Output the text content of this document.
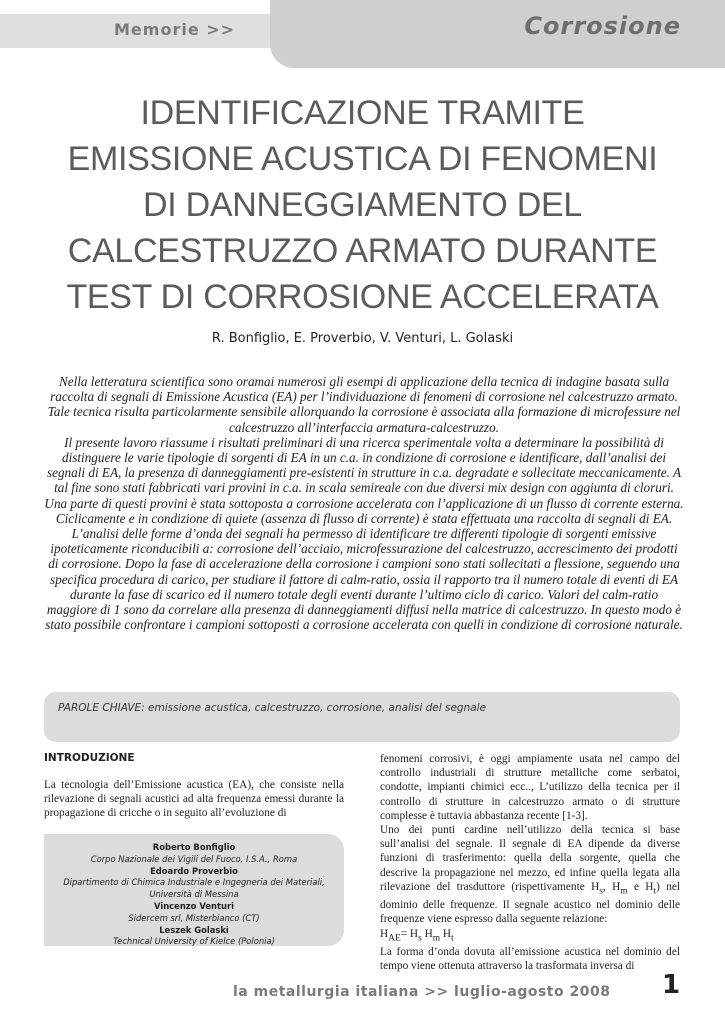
Memorie >>	Corrosione
IDENTIFICAZIONE TRAMITE
EMISSIONE ACUSTICA DI FENOMENI
DI DANNEGGIAMENTO DEL
CALCESTRUZZO ARMATO DURANTE
TEST DI CORROSIONE ACCELERATA
R. Bonfiglio, E. Proverbio, V. Venturi, L. Golaski

Nella letteratura scientifica sono oramai numerosi gli esempi di applicazione della tecnica di indagine basata sulla raccolta di segnali di Emissione Acustica (EA) per l’individuazione di fenomeni di corrosione nel calcestruzzo armato. Tale tecnica risulta particolarmente sensibile allorquando la corrosione è associata alla formazione di microfessure nel calcestruzzo all’interfaccia armatura-calcestruzzo.

Il presente lavoro riassume i risultati preliminari di una ricerca sperimentale volta a determinare la possibilità di distinguere le varie tipologie di sorgenti di EA in un c.a. in condizione di corrosione e identificare, dall’analisi dei segnali di EA, la presenza di danneggiamenti pre-esistenti in strutture in c.a. degradate e sollecitate meccanicamente. A tal fine sono stati fabbricati vari provini in c.a. in scala semireale con due diversi mix design con aggiunta di cloruri. Una parte di questi provini è stata sottoposta a corrosione accelerata con l’applicazione di un flusso di corrente esterna. Ciclicamente e in condizione di quiete (assenza di flusso di corrente) è stata effettuata una raccolta di segnali di EA. L’analisi delle forme d’onda dei segnali ha permesso di identificare tre differenti tipologie di sorgenti emissive ipoteticamente riconducibili a: corrosione dell’acciaio, microfessurazione del calcestruzzo, accrescimento dei prodotti di corrosione. Dopo la fase di accelerazione della corrosione i campioni sono stati sollecitati a flessione, seguendo una specifica procedura di carico, per studiare il fattore di calm-ratio, ossia il rapporto tra il numero totale di eventi di EA durante la fase di scarico ed il numero totale degli eventi durante l’ultimo ciclo di carico. Valori del calm-ratio maggiore di 1 sono da correlare alla presenza di danneggiamenti diffusi nella matrice di calcestruzzo. In questo modo è stato possibile confrontare i campioni sottoposti a corrosione accelerata con quelli in condizione di corrosione naturale.

PAROLE CHIAVE: emissione acustica, calcestruzzo, corrosione, analisi del segnale
INTRODUZIONE
La tecnologia dell’Emissione acustica (EA), che consiste nella rilevazione di segnali acustici ad alta frequenza emessi durante la propagazione di cricche o in seguito all’evoluzione di
Roberto Bonfiglio
Corpo Nazionale dei Vigili del Fuoco, I.S.A., Roma
Edoardo Proverbio
Dipartimento di Chimica Industriale e Ingegneria dei Materiali, Università di Messina
Vincenzo Venturi
Sidercem srl, Misterbianco (CT)
Leszek Golaski
Technical University of Kielce (Polonia)

fenomeni corrosivi, è oggi ampiamente usata nel campo del controllo industriali di strutture metalliche come serbatoi, condotte, impianti chimici ecc.., L’utilizzo della tecnica per il controllo di strutture in calcestruzzo armato o di strutture complesse è tuttavia abbastanza recente [1-3].

Uno dei punti cardine nell’utilizzo della tecnica si base sull’analisi del segnale. Il segnale di EA dipende da diverse funzioni di trasferimento: quella della sorgente, quella che descrive la propagazione nel mezzo, ed infine quella legata alla rilevazione del trasduttore (rispettivamente $H_s$, $H_m$ e $H_t$) nel dominio delle frequenze. Il segnale acustico nel dominio delle frequenze viene espresso dalla seguente relazione:

$H_{AE}= H_s$ $H_m$ $H_t$

La forma d’onda dovuta all’emissione acustica nel dominio del tempo viene ottenuta attraverso la trasformata inversa di

la metallurgia italiana >> luglio-agosto 2008 1
